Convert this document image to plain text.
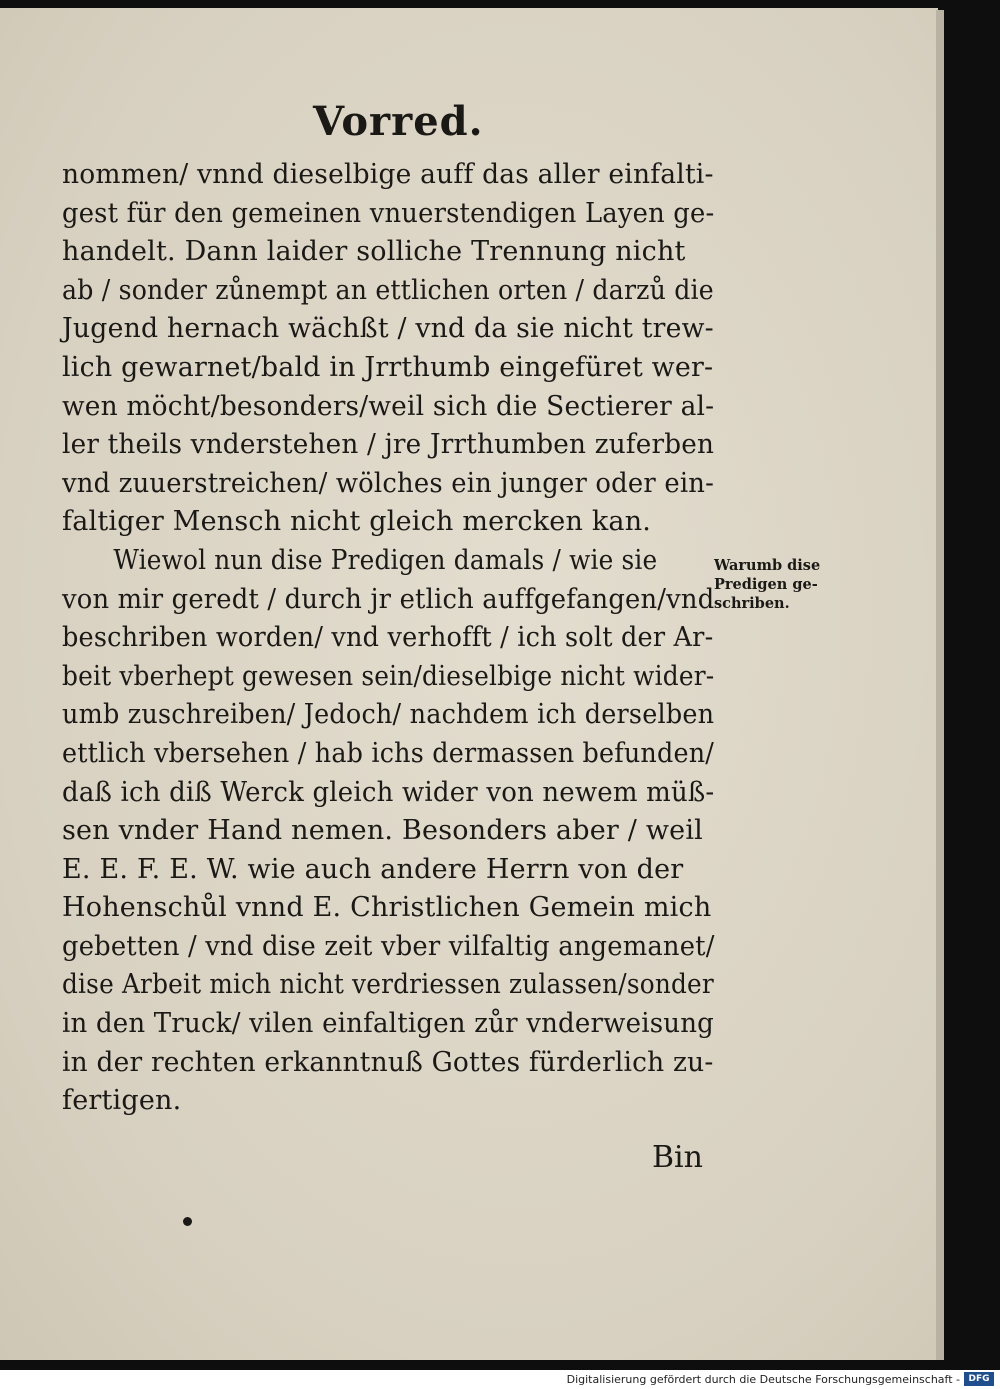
Vorred.
nommen/ vnnd dieselbige auff das aller einfalti-
gest für den gemeinen vnuerstendigen Layen ge-
handelt. Dann laider solliche Trennung nicht
ab / sonder zůnempt an ettlichen orten / darzů die
Jugend hernach wächßt / vnd da sie nicht trew-
lich gewarnet/bald in Jrrthumb eingefüret wer-
wen möcht/besonders/weil sich die Sectierer al-
ler theils vnderstehen / jre Jrrthumben zuferben
vnd zuuerstreichen/ wölches ein junger oder ein-
faltiger Mensch nicht gleich mercken kan.
Wiewol nun dise Predigen damals / wie sie
von mir geredt / durch jr etlich auffgefangen/vnd
beschriben worden/ vnd verhofft / ich solt der Ar-
beit vberhept gewesen sein/dieselbige nicht wider-
umb zuschreiben/ Jedoch/ nachdem ich derselben
ettlich vbersehen / hab ichs dermassen befunden/
daß ich diß Werck gleich wider von newem müß-
sen vnder Hand nemen. Besonders aber / weil
E. E. F. E. W. wie auch andere Herrn von der
Hohenschůl vnnd E. Christlichen Gemein mich
gebetten / vnd dise zeit vber vilfaltig angemanet/
dise Arbeit mich nicht verdriessen zulassen/sonder
in den Truck/ vilen einfaltigen zůr vnderweisung
in der rechten erkanntnuß Gottes fürderlich zu-
fertigen.
Warumb dise
Predigen ge-
schriben.
Bin
Digitalisierung gefördert durch die Deutsche Forschungsgemeinschaft - DFG
